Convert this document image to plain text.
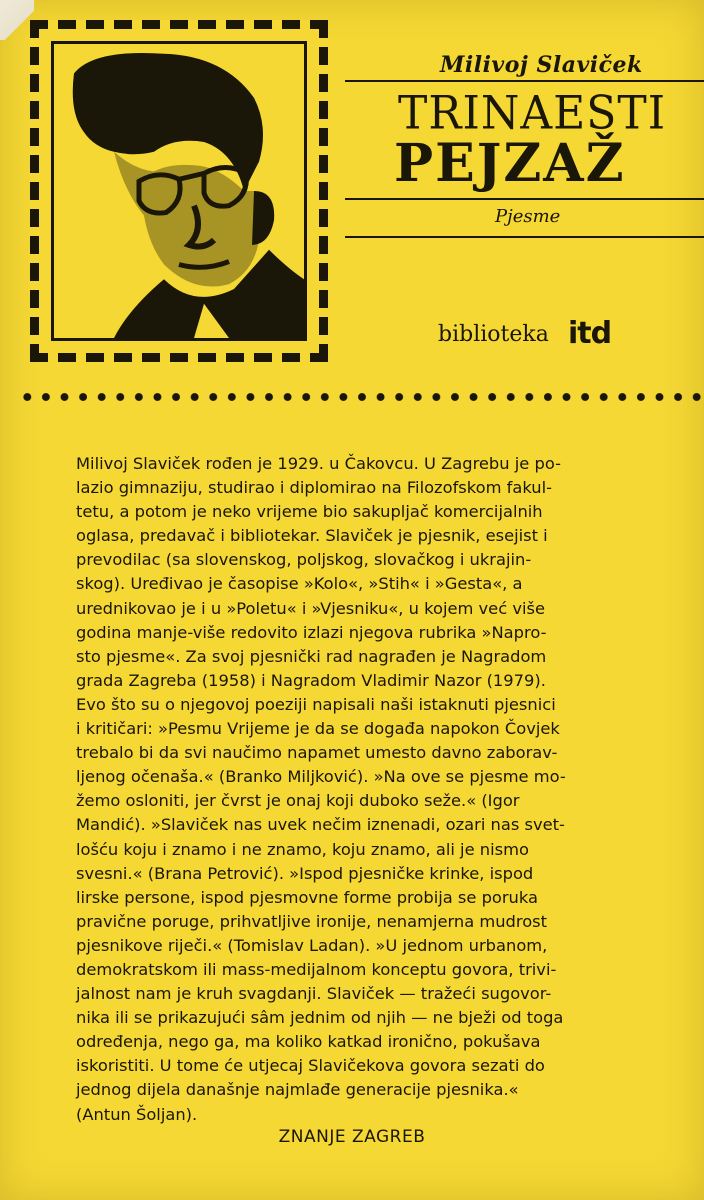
Milivoj Slaviček
TRINAESTI
PEJZAŽ
Pjesme
biblioteka itd
Milivoj Slaviček rođen je 1929. u Čakovcu. U Zagrebu je po-
lazio gimnaziju, studirao i diplomirao na Filozofskom fakul-
tetu, a potom je neko vrijeme bio sakupljač komercijalnih
oglasa, predavač i bibliotekar. Slaviček je pjesnik, esejist i
prevodilac (sa slovenskog, poljskog, slovačkog i ukrajin-
skog). Uređivao je časopise »Kolo«, »Stih« i »Gesta«, a
urednikovao je i u »Poletu« i »Vjesniku«, u kojem već više
godina manje-više redovito izlazi njegova rubrika »Napro-
sto pjesme«. Za svoj pjesnički rad nagrađen je Nagradom
grada Zagreba (1958) i Nagradom Vladimir Nazor (1979).
Evo što su o njegovoj poeziji napisali naši istaknuti pjesnici
i kritičari: »Pesmu Vrijeme je da se događa napokon Čovjek
trebalo bi da svi naučimo napamet umesto davno zaborav-
ljenog očenaša.« (Branko Miljković). »Na ove se pjesme mo-
žemo osloniti, jer čvrst je onaj koji duboko seže.« (Igor
Mandić). »Slaviček nas uvek nečim iznenadi, ozari nas svet-
lošću koju i znamo i ne znamo, koju znamo, ali je nismo
svesni.« (Brana Petrović). »Ispod pjesničke krinke, ispod
lirske persone, ispod pjesmovne forme probija se poruka
pravične poruge, prihvatljive ironije, nenamjerna mudrost
pjesnikove riječi.« (Tomislav Ladan). »U jednom urbanom,
demokratskom ili mass-medijalnom konceptu govora, trivi-
jalnost nam je kruh svagdanji. Slaviček — tražeći sugovor-
nika ili se prikazujući sâm jednim od njih — ne bježi od toga
određenja, nego ga, ma koliko katkad ironično, pokušava
iskoristiti. U tome će utjecaj Slavičekova govora sezati do
jednog dijela današnje najmlađe generacije pjesnika.«
(Antun Šoljan).
ZNANJE ZAGREB
